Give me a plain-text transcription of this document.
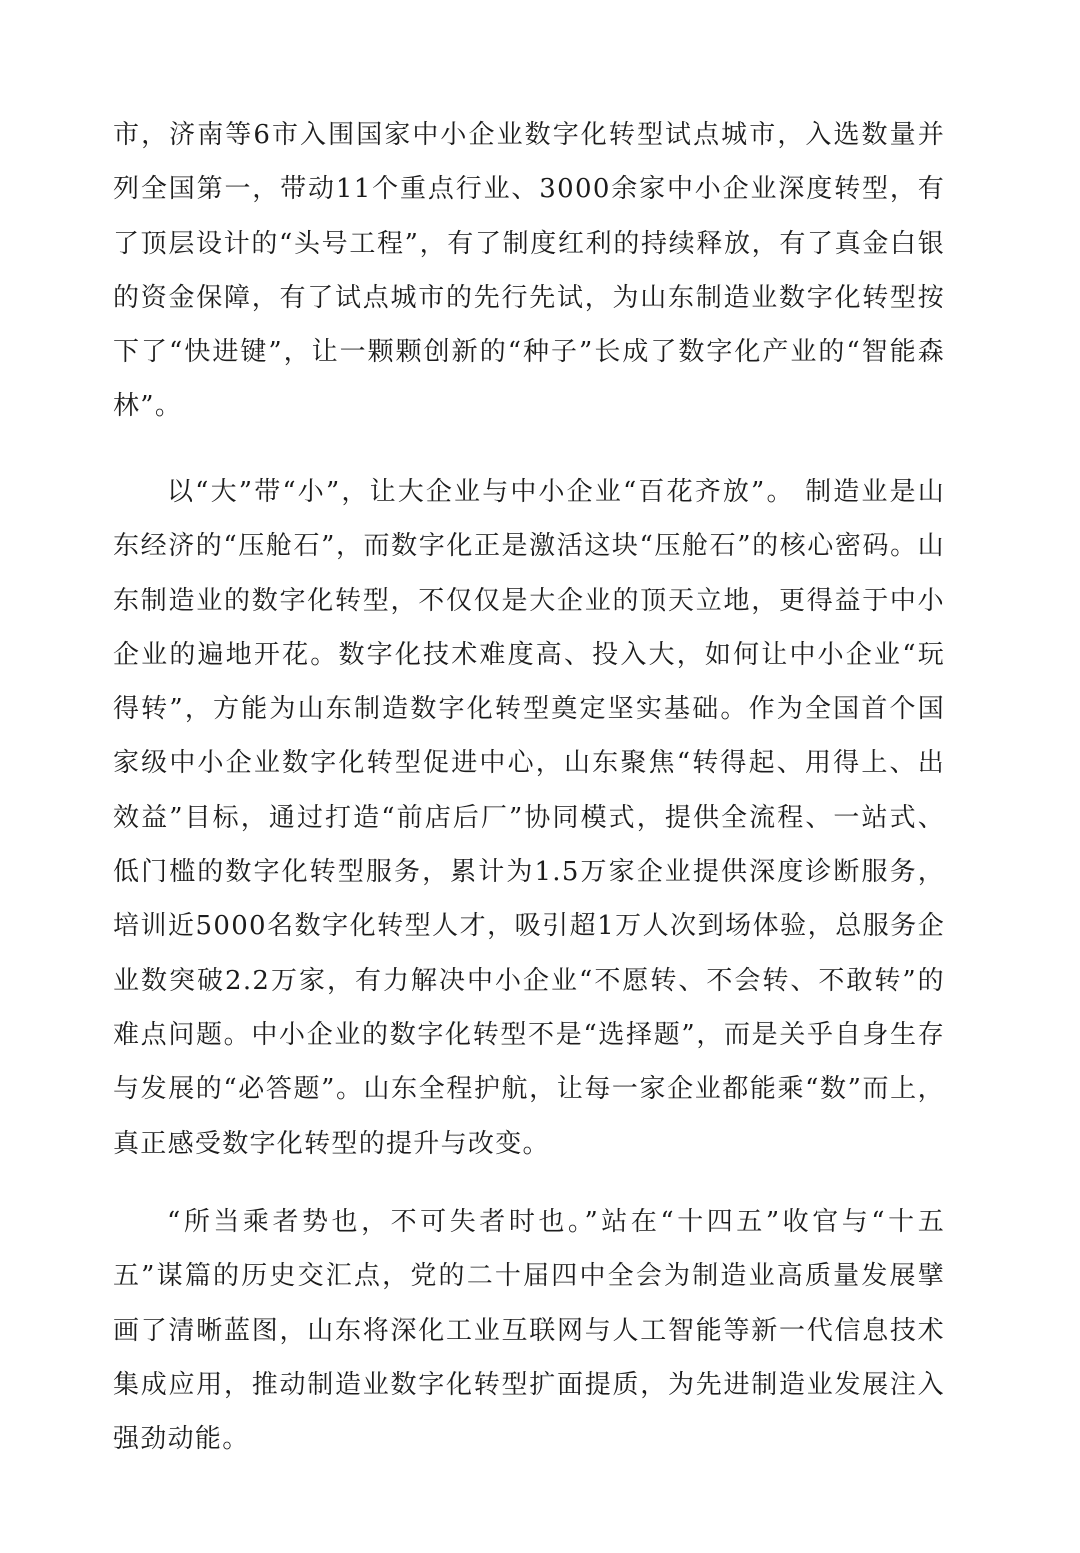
市，济南等6市入围国家中小企业数字化转型试点城市，入选数量并列全国第一，带动11个重点行业、3000余家中小企业深度转型，有了顶层设计的“头号工程”，有了制度红利的持续释放，有了真金白银的资金保障，有了试点城市的先行先试，为山东制造业数字化转型按下了“快进键”，让一颗颗创新的“种子”长成了数字化产业的“智能森林”。

以“大”带“小”，让大企业与中小企业“百花齐放”。 制造业是山东经济的“压舱石”，而数字化正是激活这块“压舱石”的核心密码。山东制造业的数字化转型，不仅仅是大企业的顶天立地，更得益于中小企业的遍地开花。数字化技术难度高、投入大，如何让中小企业“玩得转”，方能为山东制造数字化转型奠定坚实基础。作为全国首个国家级中小企业数字化转型促进中心，山东聚焦“转得起、用得上、出效益”目标，通过打造“前店后厂”协同模式，提供全流程、一站式、低门槛的数字化转型服务，累计为1.5万家企业提供深度诊断服务，培训近5000名数字化转型人才，吸引超1万人次到场体验，总服务企业数突破2.2万家，有力解决中小企业“不愿转、不会转、不敢转”的难点问题。中小企业的数字化转型不是“选择题”，而是关乎自身生存与发展的“必答题”。山东全程护航，让每一家企业都能乘“数”而上，真正感受数字化转型的提升与改变。

“所当乘者势也，不可失者时也。”站在“十四五”收官与“十五五”谋篇的历史交汇点，党的二十届四中全会为制造业高质量发展擘画了清晰蓝图，山东将深化工业互联网与人工智能等新一代信息技术集成应用，推动制造业数字化转型扩面提质，为先进制造业发展注入强劲动能。
